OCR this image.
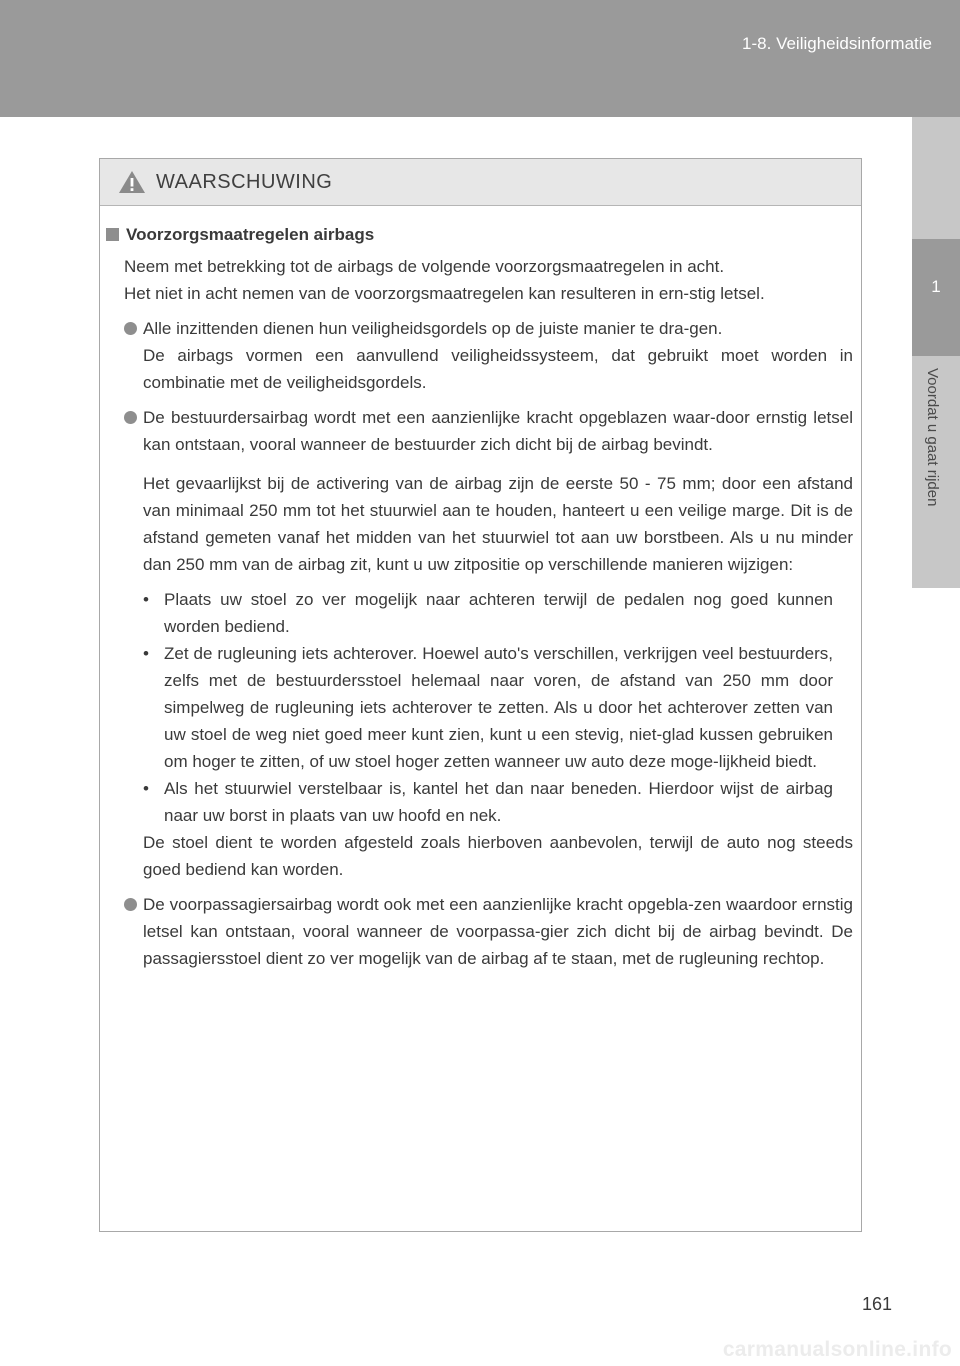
1-8. Veiligheidsinformatie
1
Voordat u gaat rijden
WAARSCHUWING
Voorzorgsmaatregelen airbags

Neem met betrekking tot de airbags de volgende voorzorgsmaatregelen in acht.

Het niet in acht nemen van de voorzorgsmaatregelen kan resulteren in ern-stig letsel.

Alle inzittenden dienen hun veiligheidsgordels op de juiste manier te dra-gen.
De airbags vormen een aanvullend veiligheidssysteem, dat gebruikt moet worden in combinatie met de veiligheidsgordels.
De bestuurdersairbag wordt met een aanzienlijke kracht opgeblazen waar-door ernstig letsel kan ontstaan, vooral wanneer de bestuurder zich dicht bij de airbag bevindt.

Het gevaarlijkst bij de activering van de airbag zijn de eerste 50 - 75 mm; door een afstand van minimaal 250 mm tot het stuurwiel aan te houden, hanteert u een veilige marge. Dit is de afstand gemeten vanaf het midden van het stuurwiel tot aan uw borstbeen. Als u nu minder dan 250 mm van de airbag zit, kunt u uw zitpositie op verschillende manieren wijzigen:

• Plaats uw stoel zo ver mogelijk naar achteren terwijl de pedalen nog goed kunnen worden bediend.
• Zet de rugleuning iets achterover. Hoewel auto's verschillen, verkrijgen veel bestuurders, zelfs met de bestuurdersstoel helemaal naar voren, de afstand van 250 mm door simpelweg de rugleuning iets achterover te zetten. Als u door het achterover zetten van uw stoel de weg niet goed meer kunt zien, kunt u een stevig, niet-glad kussen gebruiken om hoger te zitten, of uw stoel hoger zetten wanneer uw auto deze moge-lijkheid biedt.
• Als het stuurwiel verstelbaar is, kantel het dan naar beneden. Hierdoor wijst de airbag naar uw borst in plaats van uw hoofd en nek.

De stoel dient te worden afgesteld zoals hierboven aanbevolen, terwijl de auto nog steeds goed bediend kan worden.

De voorpassagiersairbag wordt ook met een aanzienlijke kracht opgebla-zen waardoor ernstig letsel kan ontstaan, vooral wanneer de voorpassa-gier zich dicht bij de airbag bevindt. De passagiersstoel dient zo ver mogelijk van de airbag af te staan, met de rugleuning rechtop.
161
carmanualsonline.info
